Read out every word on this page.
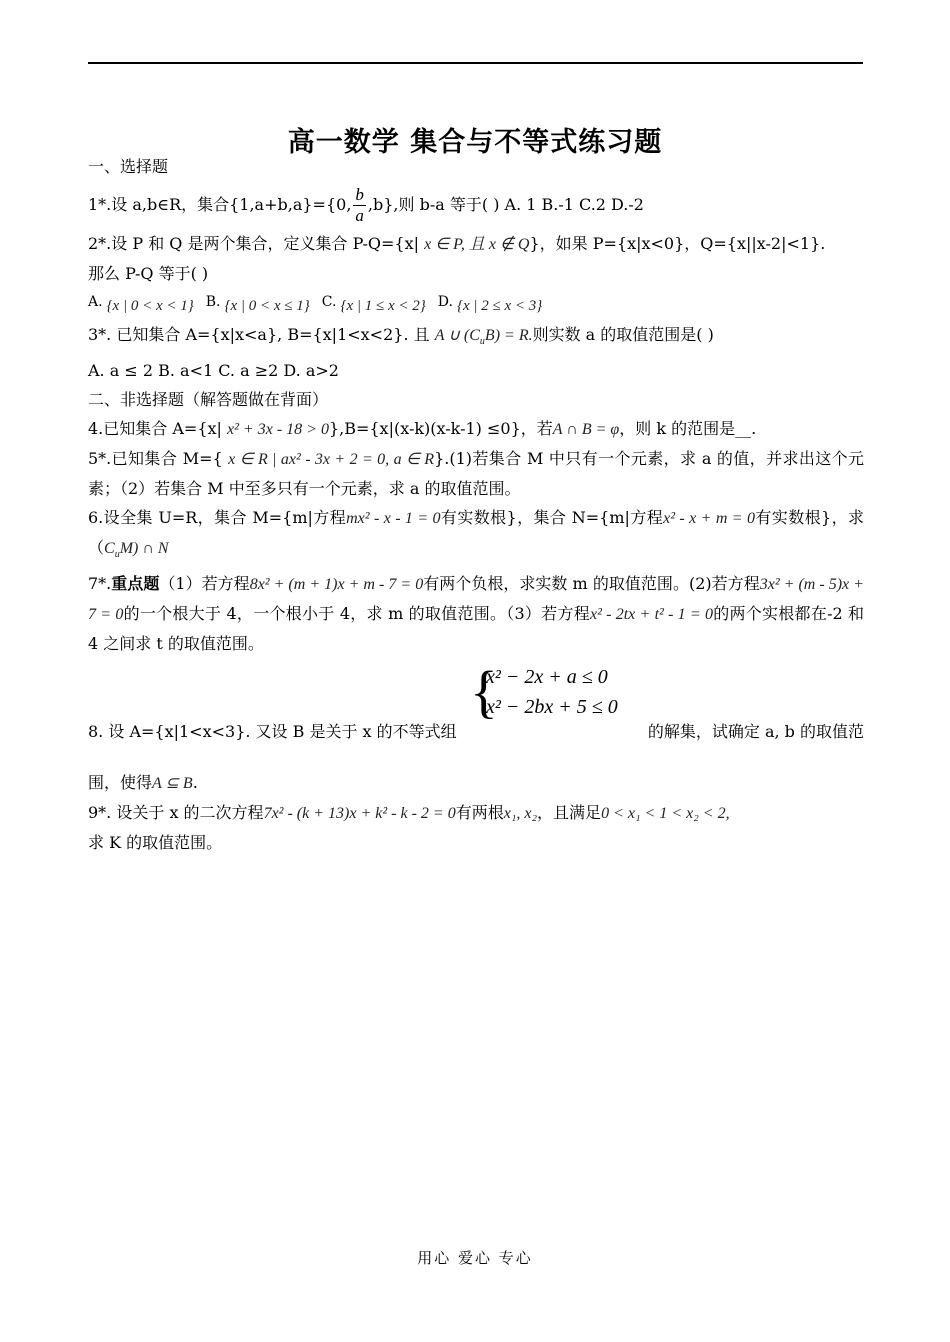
高一数学 集合与不等式练习题

一、选择题

1*.设 a,b∈R，集合{1,a+b,a}={0, $\frac{b}{a} ,b$},则 b-a 等于( ) A. 1 B.-1 C.2 D.-2

2*.设 P 和 Q 是两个集合，定义集合 P-Q={x| x ∈ P, 且 x ∉ Q}，如果 P={x|x<0}，Q={x||x-2|<1}.

那么 P-Q 等于( )

A. {x | 0 < x < 1} B. {x | 0 < x ≤ 1} C. {x | 1 ≤ x < 2} D. {x | 2 ≤ x < 3}

3*. 已知集合 A={x|x<a}, B={x|1<x<2}. 且 A ∪ $(C_uB) = R$.则实数 a 的取值范围是( )

A. a ≤ 2 B. a<1 C. a ≥2 D. a>2

二、非选择题（解答题做在背面）

4.已知集合 A={x| x² + 3x - 18 > 0},B={x|(x-k)(x-k-1) ≤0}，若A ∩ B = φ，则 k 的范围是__.

5*.已知集合 M={ x ∈ R | ax² - 3x + 2 = 0, a ∈ R}.(1)若集合 M 中只有一个元素，求 a 的值，并求出这个元素；（2）若集合 M 中至多只有一个元素，求 a 的取值范围。

6.设全集 U=R，集合 M={m|方程mx² - x - 1 = 0有实数根}，集合 N={m|方程x² - x + m = 0有实数根}，求$(C_uM)$ ∩ N

7*.重点题（1）若方程8x² + (m + 1)x + m - 7 = 0有两个负根，求实数 m 的取值范围。(2)若方程3x² + (m - 5)x + 7 = 0的一个根大于 4，一个根小于 4，求 m 的取值范围。（3）若方程x² - 2tx + t² - 1 = 0的两个实根都在-2 和 4 之间求 t 的取值范围。

8. 设 A={x|1<x<3}. 又设 B 是关于 x 的不等式组
{
x² − 2x + a ≤ 0
x² − 2bx + 5 ≤ 0
的解集，试确定 a, b 的取值范

围，使得A ⊆ B.

9*. 设关于 x 的二次方程7x² - (k + 13)x + k² - k - 2 = 0有两根x₁, x₂，且满足0 < x₁ < 1 < x₂ < 2,

求 K 的取值范围。

用心 爱心 专心
